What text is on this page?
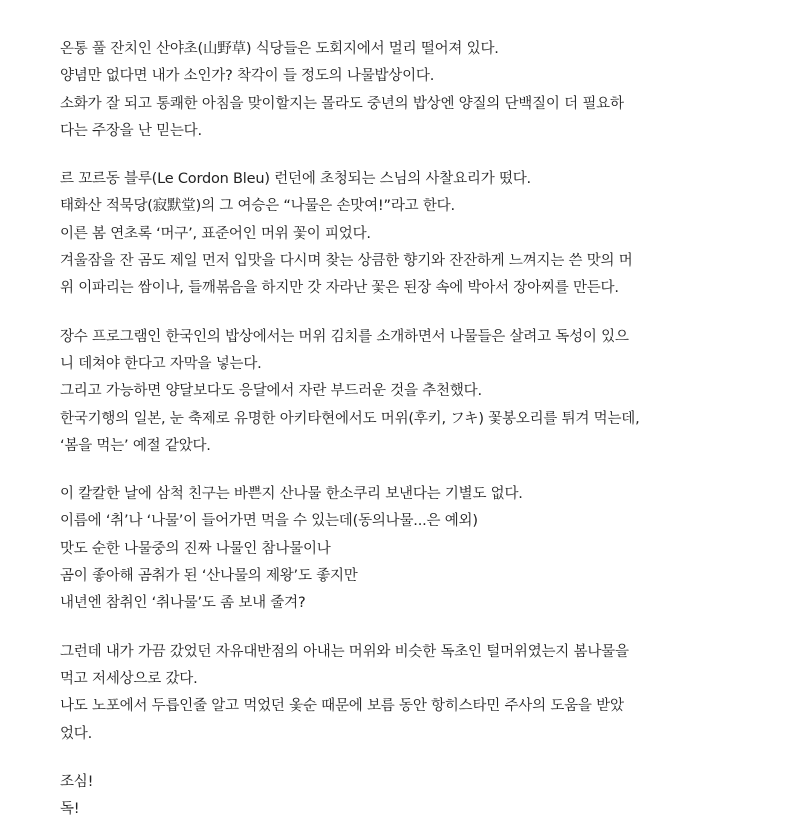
온통 풀 잔치인 산야초(山野草) 식당들은 도회지에서 멀리 떨어져 있다.
양념만 없다면 내가 소인가? 착각이 들 정도의 나물밥상이다.
소화가 잘 되고 통쾌한 아침을 맞이할지는 몰라도 중년의 밥상엔 양질의 단백질이 더 필요하
다는 주장을 난 믿는다.

르 꼬르동 블루(Le Cordon Bleu) 런던에 초청되는 스님의 사찰요리가 떴다.
태화산 적묵당(寂默堂)의 그 여승은 “나물은 손맛여!”라고 한다.
이른 봄 연초록 ‘머구’, 표준어인 머위 꽃이 피었다.
겨울잠을 잔 곰도 제일 먼저 입맛을 다시며 찾는 상큼한 향기와 잔잔하게 느껴지는 쓴 맛의 머
위 이파리는 쌈이나, 들깨볶음을 하지만 갓 자라난 꽃은 된장 속에 박아서 장아찌를 만든다.

장수 프로그램인 한국인의 밥상에서는 머위 김치를 소개하면서 나물들은 살려고 독성이 있으
니 데쳐야 한다고 자막을 넣는다.
그리고 가능하면 양달보다도 응달에서 자란 부드러운 것을 추천했다.
한국기행의 일본, 눈 축제로 유명한 아키타현에서도 머위(후키, フキ) 꽃봉오리를 튀겨 먹는데,
‘봄을 먹는’ 예절 같았다.

이 칼칼한 날에 삼척 친구는 바쁜지 산나물 한소쿠리 보낸다는 기별도 없다.
이름에 ‘취’나 ‘나물’이 들어가면 먹을 수 있는데(동의나물...은 예외)
맛도 순한 나물중의 진짜 나물인 참나물이나
곰이 좋아해 곰취가 된 ‘산나물의 제왕’도 좋지만
내년엔 참취인 ‘취나물’도 좀 보내 줄겨?

그런데 내가 가끔 갔었던 자유대반점의 아내는 머위와 비슷한 독초인 털머위였는지 봄나물을
먹고 저세상으로 갔다.
나도 노포에서 두릅인줄 알고 먹었던 옻순 때문에 보름 동안 항히스타민 주사의 도움을 받았
었다.

조심!
독!
